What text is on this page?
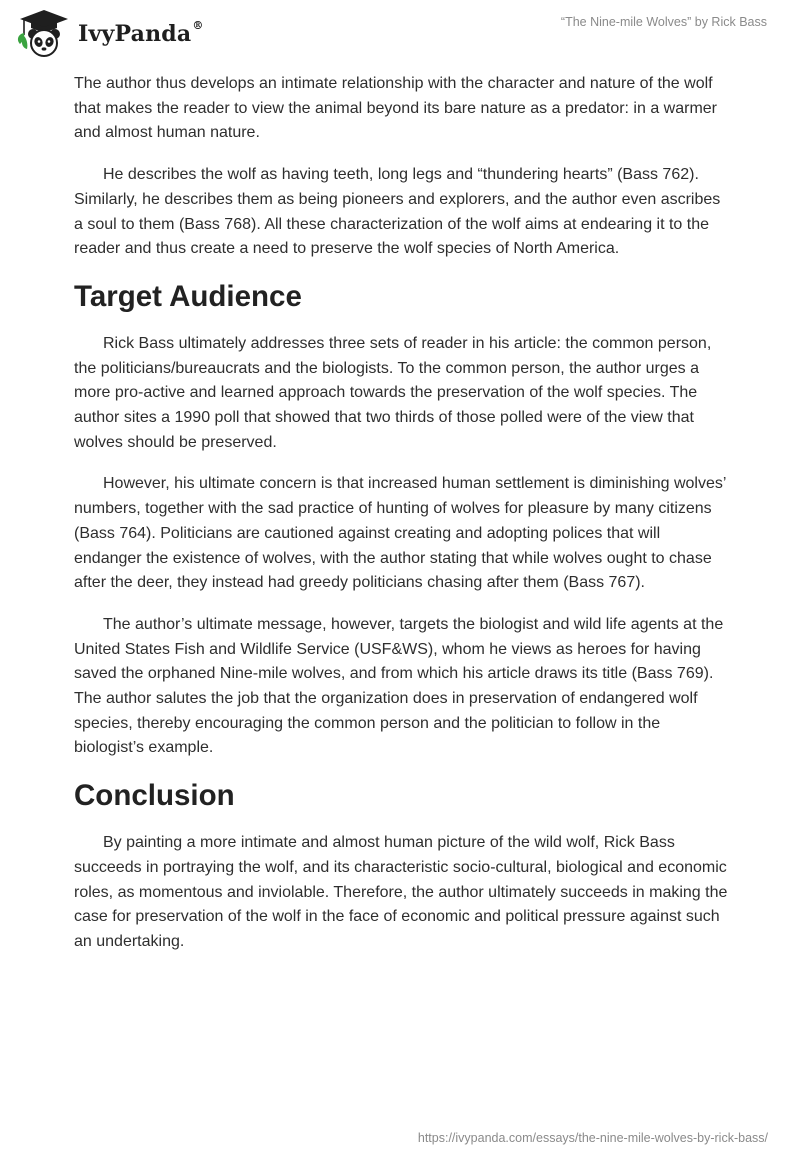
IvyPanda®	“The Nine-mile Wolves” by Rick Bass

The author thus develops an intimate relationship with the character and nature of the wolf that makes the reader to view the animal beyond its bare nature as a predator: in a warmer and almost human nature.

He describes the wolf as having teeth, long legs and “thundering hearts” (Bass 762). Similarly, he describes them as being pioneers and explorers, and the author even ascribes a soul to them (Bass 768). All these characterization of the wolf aims at endearing it to the reader and thus create a need to preserve the wolf species of North America.

Target Audience

Rick Bass ultimately addresses three sets of reader in his article: the common person, the politicians/bureaucrats and the biologists. To the common person, the author urges a more pro-active and learned approach towards the preservation of the wolf species. The author sites a 1990 poll that showed that two thirds of those polled were of the view that wolves should be preserved.

However, his ultimate concern is that increased human settlement is diminishing wolves’ numbers, together with the sad practice of hunting of wolves for pleasure by many citizens (Bass 764). Politicians are cautioned against creating and adopting polices that will endanger the existence of wolves, with the author stating that while wolves ought to chase after the deer, they instead had greedy politicians chasing after them (Bass 767).

The author’s ultimate message, however, targets the biologist and wild life agents at the United States Fish and Wildlife Service (USF&WS), whom he views as heroes for having saved the orphaned Nine-mile wolves, and from which his article draws its title (Bass 769). The author salutes the job that the organization does in preservation of endangered wolf species, thereby encouraging the common person and the politician to follow in the biologist’s example.

Conclusion

By painting a more intimate and almost human picture of the wild wolf, Rick Bass succeeds in portraying the wolf, and its characteristic socio-cultural, biological and economic roles, as momentous and inviolable. Therefore, the author ultimately succeeds in making the case for preservation of the wolf in the face of economic and political pressure against such an undertaking.

https://ivypanda.com/essays/the-nine-mile-wolves-by-rick-bass/
